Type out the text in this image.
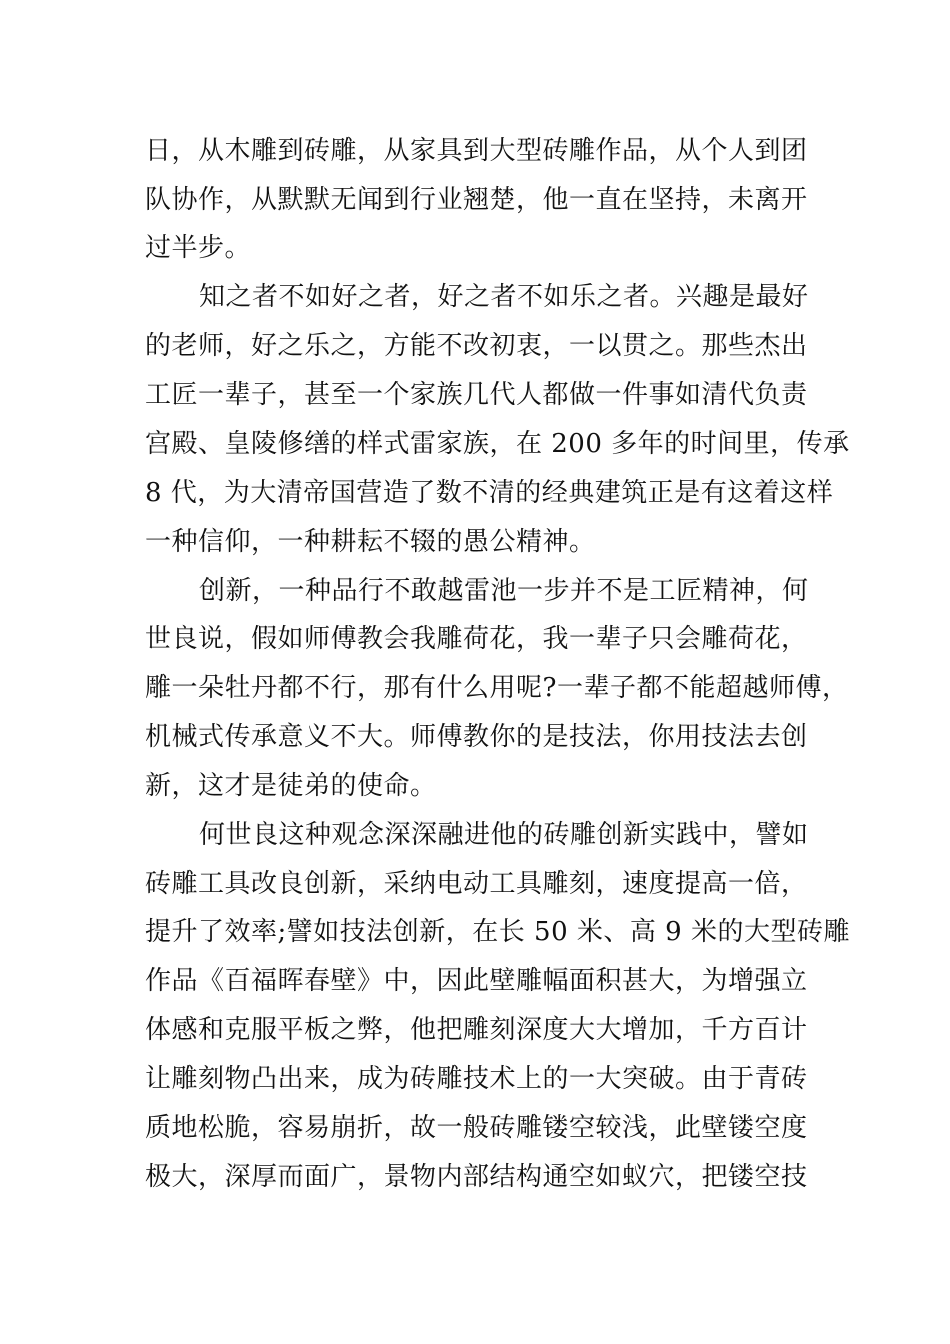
日，从木雕到砖雕，从家具到大型砖雕作品，从个人到团

队协作，从默默无闻到行业翘楚，他一直在坚持，未离开

过半步。

知之者不如好之者，好之者不如乐之者。兴趣是最好

的老师，好之乐之，方能不改初衷，一以贯之。那些杰出

工匠一辈子，甚至一个家族几代人都做一件事如清代负责

宫殿、皇陵修缮的样式雷家族，在 200 多年的时间里，传承

8 代，为大清帝国营造了数不清的经典建筑正是有这着这样

一种信仰，一种耕耘不辍的愚公精神。

创新，一种品行不敢越雷池一步并不是工匠精神，何

世良说，假如师傅教会我雕荷花，我一辈子只会雕荷花，

雕一朵牡丹都不行，那有什么用呢?一辈子都不能超越师傅，

机械式传承意义不大。师傅教你的是技法，你用技法去创

新，这才是徒弟的使命。

何世良这种观念深深融进他的砖雕创新实践中，譬如

砖雕工具改良创新，采纳电动工具雕刻，速度提高一倍，

提升了效率;譬如技法创新，在长 50 米、高 9 米的大型砖雕

作品《百福晖春壁》中，因此壁雕幅面积甚大，为增强立

体感和克服平板之弊，他把雕刻深度大大增加，千方百计

让雕刻物凸出来，成为砖雕技术上的一大突破。由于青砖

质地松脆，容易崩折，故一般砖雕镂空较浅，此壁镂空度

极大，深厚而面广，景物内部结构通空如蚁穴，把镂空技
